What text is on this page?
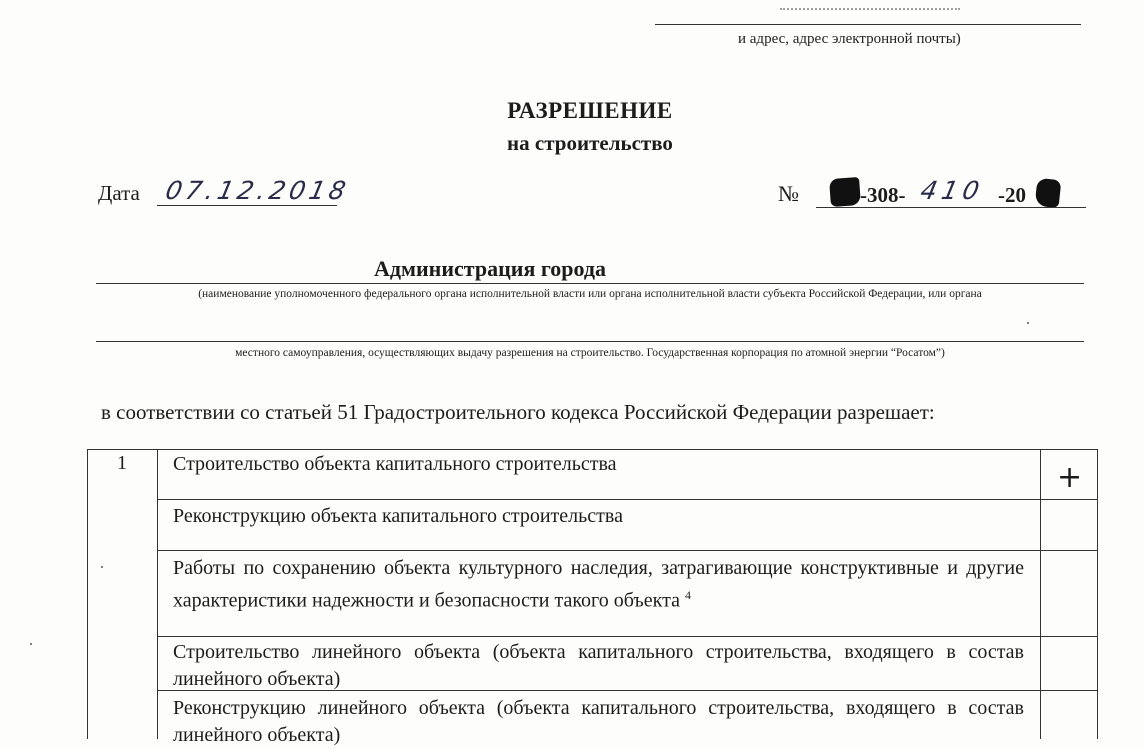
и адрес, адрес электронной почты)
РАЗРЕШЕНИЕ
на строительство
Дата 07.12.2018	№	-308- 410 -20
Администрация города
(наименование уполномоченного федерального органа исполнительной власти или органа исполнительной власти субъекта Российской Федерации, или органа
местного самоуправления, осуществляющих выдачу разрешения на строительство. Государственная корпорация по атомной энергии “Росатом”)
в соответствии со статьей 51 Градостроительного кодекса Российской Федерации разрешает:
1	Строительство объекта капитального строительства	+
Реконструкцию объекта капитального строительства
Работы по сохранению объекта культурного наследия, затрагивающие конструктивные и другие характеристики надежности и безопасности такого объекта $^4$
Строительство линейного объекта (объекта капитального строительства, входящего в состав линейного объекта)
Реконструкцию линейного объекта (объекта капитального строительства, входящего в состав линейного объекта)
